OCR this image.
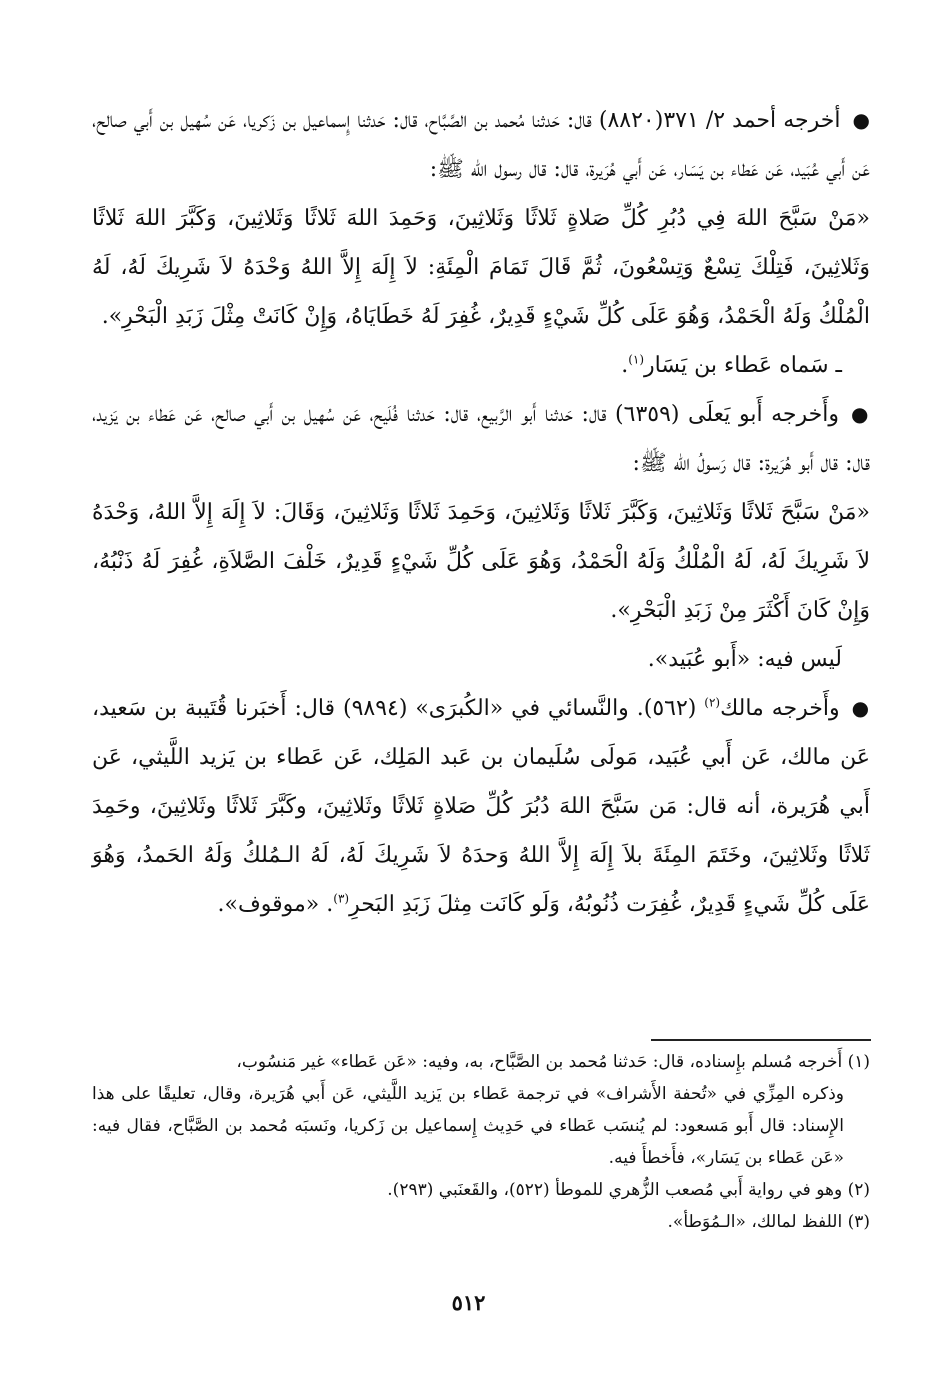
●أخرجه أحمد ٢/ ٣٧١(٨٨٢٠) قال: حَدثنا مُحمد بن الصَّبَّاح، قال: حَدثنا إِسماعيل بن زَكريا، عَن سُهيل بن أَبي صالح، عَن أَبي عُبَيد، عَن عَطاء بن يَسَار، عَن أَبي هُرَيرة، قال: قال رسول الله ﷺ:

«مَنْ سَبَّحَ اللهَ فِي دُبُرِ كُلِّ صَلاةٍ ثَلاثًا وَثَلاثِينَ، وَحَمِدَ اللهَ ثَلاثًا وَثَلاثِينَ، وَكَبَّرَ اللهَ ثَلاثًا وَثَلاثِينَ، فَتِلْكَ تِسْعٌ وَتِسْعُونَ، ثُمَّ قَالَ تَمَامَ الْمِئَةِ: لاَ إِلَهَ إِلاَّ اللهُ وَحْدَهُ لاَ شَرِيكَ لَهُ، لَهُ الْمُلْكُ وَلَهُ الْحَمْدُ، وَهُوَ عَلَى كُلِّ شَيْءٍ قَدِيرٌ، غُفِرَ لَهُ خَطَايَاهُ، وَإِنْ كَانَتْ مِثْلَ زَبَدِ الْبَحْرِ».

ـ سَماه عَطاء بن يَسَار$^{(١)}$.

●وأَخرجه أَبو يَعلَى (٦٣٥٩) قال: حَدثنا أَبو الرَّبيع، قال: حَدثنا فُلَيح، عَن سُهيل بن أَبي صالح، عَن عَطاء بن يَزيد، قال: قال أَبو هُرَيرة: قال رَسولُ الله ﷺ:

«مَنْ سَبَّحَ ثَلاثًا وَثَلاثِينَ، وَكَبَّرَ ثَلاثًا وَثَلاثِينَ، وَحَمِدَ ثَلاثًا وَثَلاثِينَ، وَقَالَ: لاَ إِلَهَ إِلاَّ اللهُ، وَحْدَهُ لاَ شَرِيكَ لَهُ، لَهُ الْمُلْكُ وَلَهُ الْحَمْدُ، وَهُوَ عَلَى كُلِّ شَيْءٍ قَدِيرٌ، خَلْفَ الصَّلاَةِ، غُفِرَ لَهُ ذَنْبُهُ، وَإِنْ كَانَ أَكْثَرَ مِنْ زَبَدِ الْبَحْرِ».

لَيس فيه: «أَبو عُبَيد».

●وأَخرجه مالك$^{(٢)}$ (٥٦٢). والنَّسائي في «الكُبرَى» (٩٨٩٤) قال: أَخبَرنا قُتَيبة بن سَعيد، عَن مالك، عَن أَبي عُبَيد، مَولَى سُلَيمان بن عَبد المَلِك، عَن عَطاء بن يَزيد اللَّيثي، عَن أَبي هُرَيرة، أنه قال: مَن سَبَّحَ اللهَ دُبُرَ كُلِّ صَلاةٍ ثَلاثًا وثَلاثِينَ، وكَبَّرَ ثَلاثًا وثَلاثِينَ، وحَمِدَ ثَلاثًا وثَلاثِينَ، وخَتَمَ المِئَةَ بلاَ إِلَهَ إِلاَّ اللهُ وَحدَهُ لاَ شَرِيكَ لَهُ، لَهُ الـمُلكُ وَلَهُ الحَمدُ، وَهُوَ عَلَى كُلِّ شَيءٍ قَدِيرٌ، غُفِرَت ذُنُوبُهُ، وَلَو كَانَت مِثلَ زَبَدِ البَحرِ$^{(٣)}$. «موقوف».

(١) أَخرجه مُسلم بإِسناده، قال: حَدثنا مُحمد بن الصَّبَّاح، به، وفيه: «عَن عَطاء» غير مَنسُوب،

وذكره المِزِّي في «تُحفة الأَشراف» في ترجمة عَطاء بن يَزيد اللَّيثي، عَن أَبي هُرَيرة، وقال، تعليقًا على هذا الإِسناد: قال أَبو مَسعود: لم يُنسَب عَطاء في حَدِيث إِسماعيل بن زَكريا، ونَسبَه مُحمد بن الصَّبَّاح، فقال فيه: «عَن عَطاء بن يَسَار»، فأَخطأَ فيه.

(٢) وهو في رواية أَبي مُصعب الزُّهري للموطأ (٥٢٢)، والقَعنَبي (٢٩٣).

(٣) اللفظ لمالك، «الـمُوَطأ».

٥١٢
